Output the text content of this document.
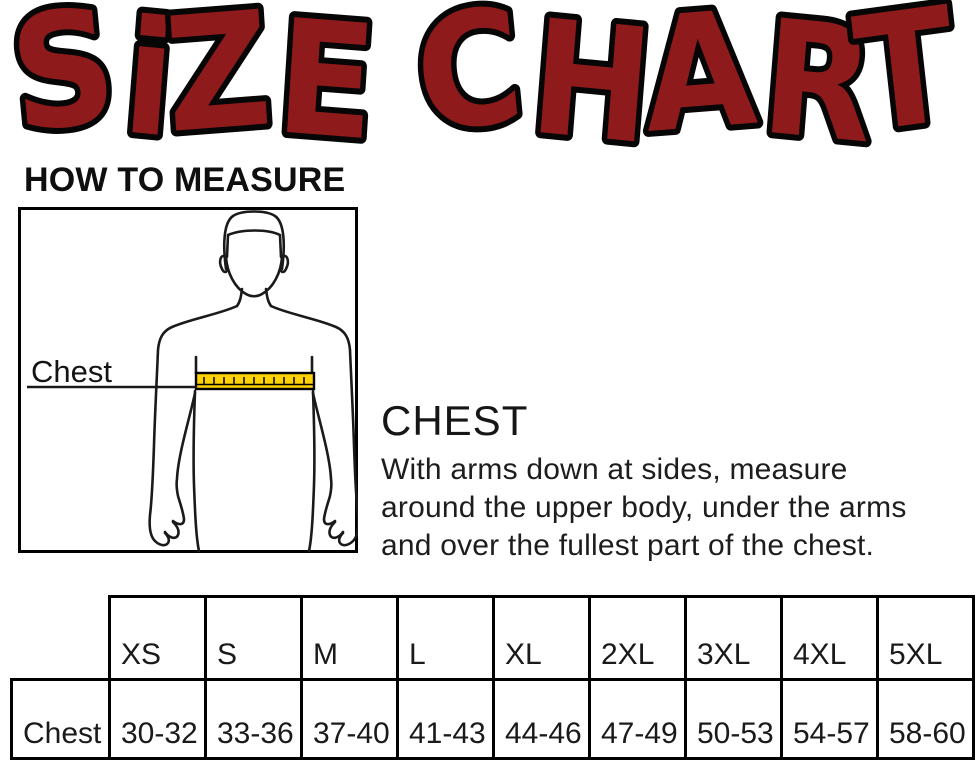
SiZE CHART
HOW TO MEASURE
Chest
CHEST
With arms down at sides, measure
around the upper body, under the arms
and over the fullest part of the chest.
	XS	S	M	L	XL	2XL	3XL	4XL	5XL
Chest	30-32	33-36	37-40	41-43	44-46	47-49	50-53	54-57	58-60
